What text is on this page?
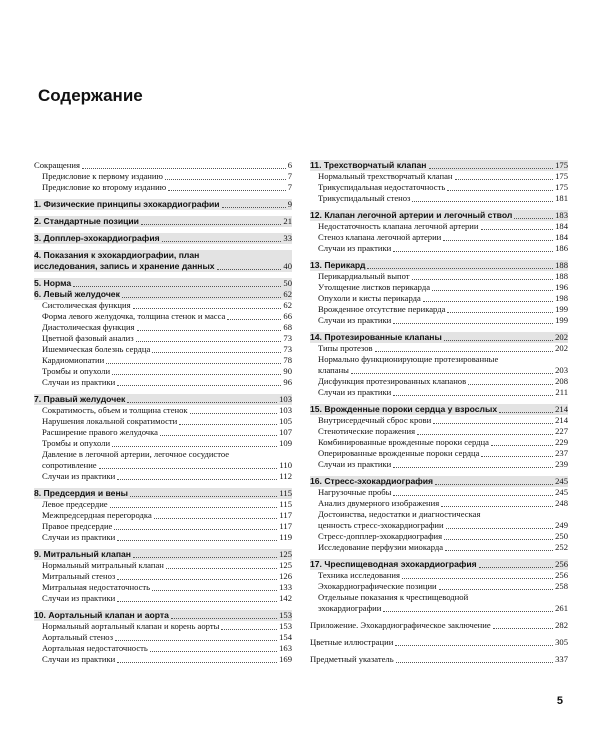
Содержание
Сокращения	6
Предисловие к первому изданию	7
Предисловие ко второму изданию	7
1. Физические принципы эхокардиографии	9
2. Стандартные позиции	21
3. Допплер-эхокардиография	33
4. Показания к эхокардиографии, план
исследования, запись и хранение данных	40
5. Норма	50
6. Левый желудочек	62
Систолическая функция	62
Форма левого желудочка, толщина стенок и масса	66
Диастолическая функция	68
Цветной фазовый анализ	73
Ишемическая болезнь сердца	73
Кардиомиопатии	78
Тромбы и опухоли	90
Случаи из практики	96
7. Правый желудочек	103
Сократимость, объем и толщина стенок	103
Нарушения локальной сократимости	105
Расширение правого желудочка	107
Тромбы и опухоли	109
Давление в легочной артерии, легочное сосудистое
сопротивление	110
Случаи из практики	112
8. Предсердия и вены	115
Левое предсердие	115
Межпредсердная перегородка	117
Правое предсердие	117
Случаи из практики	119
9. Митральный клапан	125
Нормальный митральный клапан	125
Митральный стеноз	126
Митральная недостаточность	133
Случаи из практики	142
10. Аортальный клапан и аорта	153
Нормальный аортальный клапан и корень аорты	153
Аортальный стеноз	154
Аортальная недостаточность	163
Случаи из практики	169
11. Трехстворчатый клапан	175
Нормальный трехстворчатый клапан	175
Трикуспидальная недостаточность	175
Трикуспидальный стеноз	181
12. Клапан легочной артерии и легочный ствол	183
Недостаточность клапана легочной артерии	184
Стеноз клапана легочной артерии	184
Случаи из практики	186
13. Перикард	188
Перикардиальный выпот	188
Утолщение листков перикарда	196
Опухоли и кисты перикарда	198
Врожденное отсутствие перикарда	199
Случаи из практики	199
14. Протезированные клапаны	202
Типы протезов	202
Нормально функционирующие протезированные
клапаны	203
Дисфункция протезированных клапанов	208
Случаи из практики	211
15. Врожденные пороки сердца у взрослых	214
Внутрисердечный сброс крови	214
Стенотические поражения	227
Комбинированные врожденные пороки сердца	229
Оперированные врожденные пороки сердца	237
Случаи из практики	239
16. Стресс-эхокардиография	245
Нагрузочные пробы	245
Анализ двумерного изображения	248
Достоинства, недостатки и диагностическая
ценность стресс-эхокардиографии	249
Стресс-допплер-эхокардиография	250
Исследование перфузии миокарда	252
17. Чреспищеводная эхокардиография	256
Техника исследования	256
Эхокардиографические позиции	258
Отдельные показания к чреспищеводной
эхокардиографии	261
Приложение. Эхокардиографическое заключение	282
Цветные иллюстрации	305
Предметный указатель	337
5
